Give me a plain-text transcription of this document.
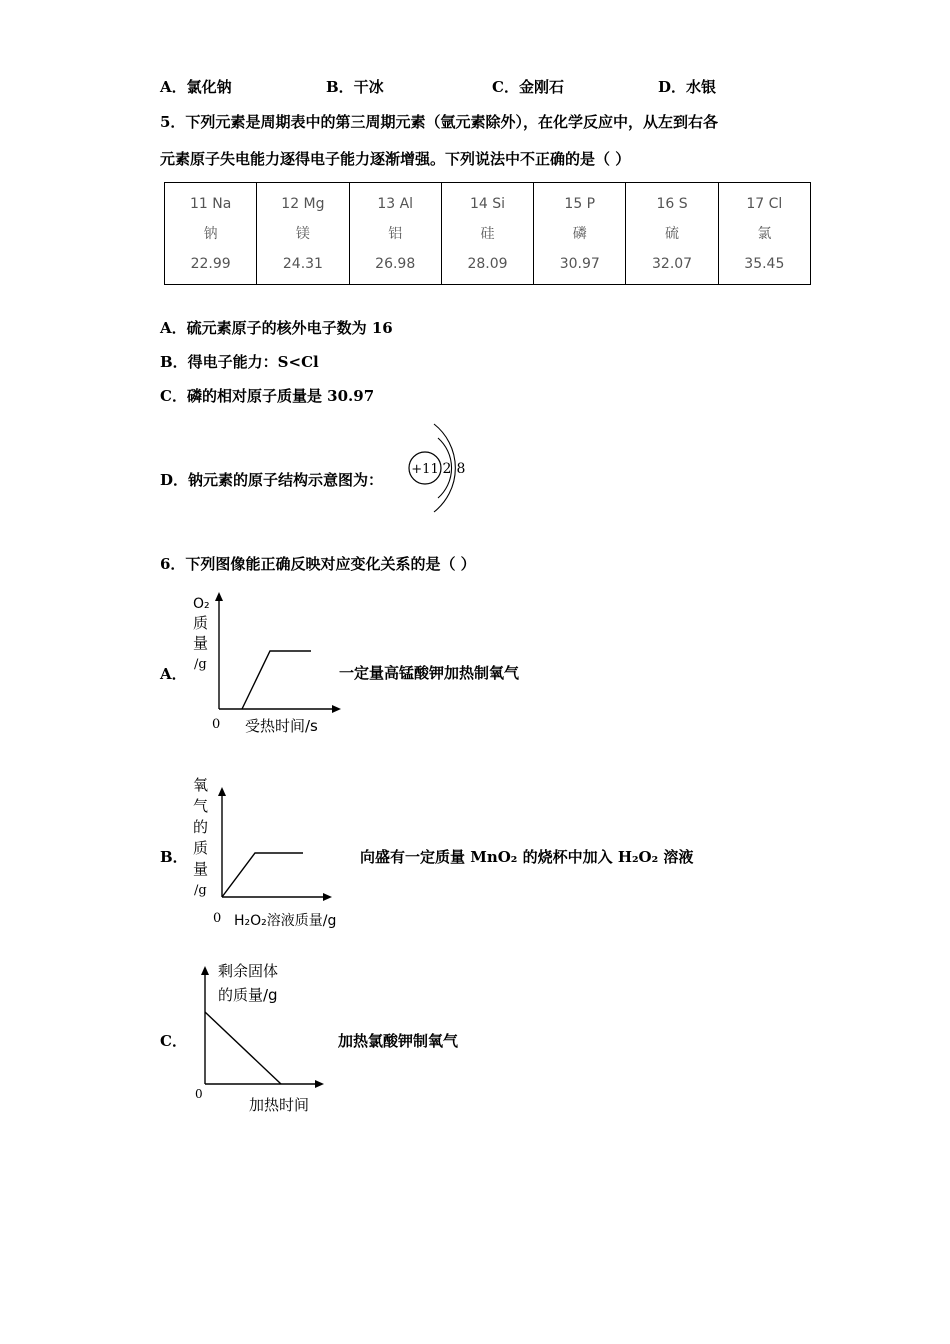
A．氯化钠	B．干冰	C．金刚石	D．水银
5．下列元素是周期表中的第三周期元素（氩元素除外），在化学反应中，从左到右各
元素原子失电能力逐得电子能力逐渐增强。下列说法中不正确的是（ ）
11 Na
钠
22.99

12 Mg
镁
24.31

13 Al
铝
26.98

14 Si
硅
28.09

15 P
磷
30.97

16 S
硫
32.07

17 Cl
氯
35.45
A．硫元素原子的核外电子数为 16
B．得电子能力：S<Cl
C．磷的相对原子质量是 30.97
D．钠元素的原子结构示意图为：
+11 2 8
6．下列图像能正确反映对应变化关系的是（ ）
A．
O₂
质
量
/g
0 受热时间/s
一定量高锰酸钾加热制氧气
B．
氧
气
的
质
量
/g
0 H₂O₂溶液质量/g
向盛有一定质量 MnO₂ 的烧杯中加入 H₂O₂ 溶液
C．
剩余固体
的质量/g
0
加热时间
加热氯酸钾制氧气
